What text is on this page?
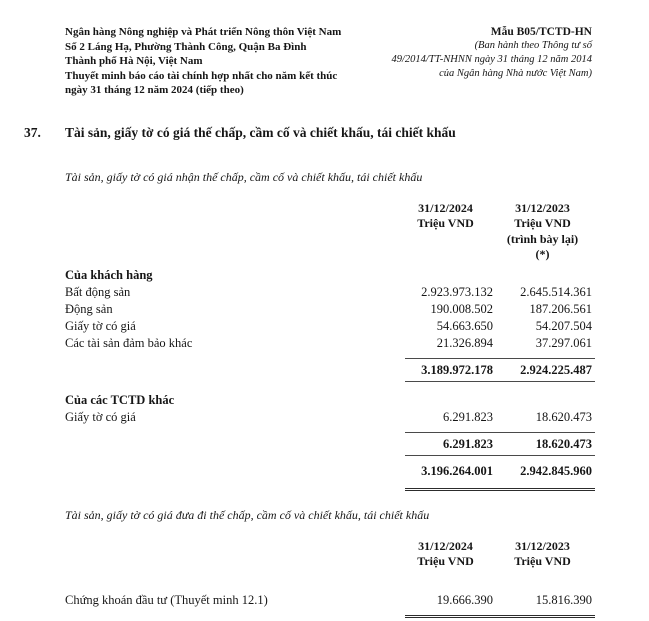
Ngân hàng Nông nghiệp và Phát triển Nông thôn Việt Nam
Số 2 Láng Hạ, Phường Thành Công, Quận Ba Đình
Thành phố Hà Nội, Việt Nam
Thuyết minh báo cáo tài chính hợp nhất cho năm kết thúc
ngày 31 tháng 12 năm 2024 (tiếp theo)
Mẫu B05/TCTD-HN
(Ban hành theo Thông tư số
49/2014/TT-NHNN ngày 31 tháng 12 năm 2014
của Ngân hàng Nhà nước Việt Nam)
37. Tài sản, giấy tờ có giá thế chấp, cầm cố và chiết khấu, tái chiết khấu
Tài sản, giấy tờ có giá nhận thế chấp, cầm cố và chiết khấu, tái chiết khấu
31/12/2024
Triệu VND
31/12/2023
Triệu VND
(trình bày lại)
(*)
Của khách hàng
Bất động sản	2.923.973.132	2.645.514.361
Động sản	190.008.502	187.206.561
Giấy tờ có giá	54.663.650	54.207.504
Các tài sản đảm bảo khác	21.326.894	37.297.061
3.189.972.178	2.924.225.487
Của các TCTD khác
Giấy tờ có giá	6.291.823	18.620.473
6.291.823	18.620.473
3.196.264.001	2.942.845.960
Tài sản, giấy tờ có giá đưa đi thế chấp, cầm cố và chiết khấu, tái chiết khấu
31/12/2024
Triệu VND
31/12/2023
Triệu VND
Chứng khoán đầu tư (Thuyết minh 12.1)	19.666.390	15.816.390
